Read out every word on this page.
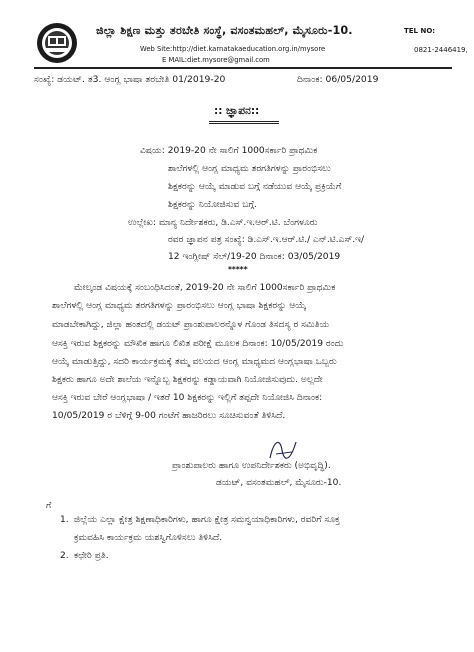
ಜಿಲ್ಲಾ ಶಿಕ್ಷಣ ಮತ್ತು ತರಬೇತಿ ಸಂಸ್ಥೆ, ವಸಂತಮಹಲ್, ಮೈಸೂರು-10.	TEL NO:
Web Site:http://diet.karnatakaeducation.org.in/mysore	0821-2446419,
E MAIL:diet.mysore@gmail.com
ಸಂಖ್ಯೆ: ಡಯಟ್. ತ3. ಆಂಗ್ಲ ಭಾಷಾ ತರಬೇತಿ 01/2019-20	ದಿನಾಂಕ: 06/05/2019
:: ಜ್ಞಾಪನ::
ವಿಷಯ: 2019-20 ನೇ ಸಾಲಿಗೆ 1000ಸರ್ಕಾರಿ ಪ್ರಾಥಮಿಕ
ಶಾಲೆಗಳಲ್ಲಿ ಆಂಗ್ಲ ಮಾಧ್ಯಮ ತರಗತಿಗಳನ್ನು ಪ್ರಾರಂಭಿಸಲು
ಶಿಕ್ಷಕರನ್ನು ಆಯ್ಕೆ ಮಾಡುವ ಬಗ್ಗೆ ನಡೆಯುವ ಆಯ್ಕೆ ಪ್ರಕ್ರಿಯೆಗೆ
ಶಿಕ್ಷಕರನ್ನು ನಿಯೋಜಿಸುವ ಬಗ್ಗೆ.
ಉಲ್ಲೇಖ: ಮಾನ್ಯ ನಿರ್ದೇಶಕರು, ಡಿ.ಎಸ್.ಇ.ಆರ್.ಟಿ. ಬೆಂಗಳೂರು
ರವರ ಜ್ಞಾಪನ ಪತ್ರ ಸಂಖ್ಯೆ: ಡಿ.ಎಸ್.ಇ.ಆರ್.ಟಿ./ ಎನ್.ಟಿ.ಎಸ್.ಇ/
12 ಇಂಗ್ಲೀಷ್ ಸೆಲ್/19-20 ದಿನಾಂಕ: 03/05/2019
*****
ಮೇಲ್ಕಂಡ ವಿಷಯಕ್ಕೆ ಸಂಬಂಧಿಸಿದಂತೆ, 2019-20 ನೇ ಸಾಲಿಗೆ 1000ಸರ್ಕಾರಿ ಪ್ರಾಥಮಿಕ
ಶಾಲೆಗಳಲ್ಲಿ ಆಂಗ್ಲ ಮಾಧ್ಯಮ ತರಗತಿಗಳನ್ನು ಪ್ರಾರಂಭಿಸಲು ಆಂಗ್ಲ ಭಾಷಾ ಶಿಕ್ಷಕರನ್ನು ಆಯ್ಕೆ
ಮಾಡಬೇಕಾಗಿದ್ದು, ಜಿಲ್ಲಾ ಹಂತದಲ್ಲಿ ಡಯಟ್ ಪ್ರಾಂಶುಪಾಲರನ್ನೊಳ ಗೊಂಡ ತಿಸದಸ್ಯ ರ ಸಮಿತಿಯ
ಆಸಕ್ತಿ ಇರುವ ಶಿಕ್ಷಕರನ್ನು ಮೌಖಿಕ ಹಾಗೂ ಲಿಖಿತ ಪರೀಕ್ಷೆ ಮೂಲಕ ದಿನಾಂಕ: 10/05/2019 ರಂದು
ಆಯ್ಕೆ ಮಾಡುತ್ತಿದ್ದು, ಸದರಿ ಕಾರ್ಯಕ್ರಮಕ್ಕೆ ತಮ್ಮ ವಲಯದ ಆಂಗ್ಲ ಮಾಧ್ಯಮದ ಆಂಗ್ಲಭಾಷಾ ಒಬ್ಬರು
ಶಿಕ್ಷಕರು ಹಾಗೂ ಅದೇ ಶಾಲೆಯ ಇನ್ನೊಬ್ಬ ಶಿಕ್ಷಕರನ್ನು ಕಡ್ಡಾಯವಾಗಿ ನಿಯೋಜಿಸುವುದು. ಅಲ್ಲದೇ
ಆಸಕ್ತಿ ಇರುವ ಬೇರೆ ಆಂಗ್ಲಭಾಷಾ / ಇತರೆ 10 ಶಿಕ್ಷಕರನ್ನು ಇಲ್ಲಿಗೆ ತಪ್ಪದೇ ನಿಯೋಜಿಸಿ ದಿನಾಂಕ:
10/05/2019 ರ ಬೆಳಿಗ್ಗೆ 9-00 ಗಂಟೆಗೆ ಹಾಜರಿರಲು ಸೂಚಿಸುವಂತೆ ತಿಳಿಸಿದೆ.
ಪ್ರಾಂಶುಪಾಲರು ಹಾಗೂ ಉಪನಿರ್ದೇಶಕರು (ಅಭಿವೃದ್ಧಿ).
ಡಯಟ್, ವಸಂತಮಹಲ್, ಮೈಸೂರು-10.
ಗೆ
1. ಜಿಲ್ಲೆಯ ಎಲ್ಲಾ ಕ್ಷೇತ್ರ ಶಿಕ್ಷಣಾಧಿಕಾರಿಗಳು, ಹಾಗೂ ಕ್ಷೇತ್ರ ಸಮನ್ವಯಾಧಿಕಾರಿಗಳು, ರವರಿಗೆ ಸೂಕ್ತ
ಕ್ರಮವಹಿಸಿ ಕಾರ್ಯಕ್ರಮ ಯಶಸ್ವಿಗೊಳಿಸಲು ತಿಳಿಸಿದೆ.
2. ಕಛೇರಿ ಪ್ರತಿ.
